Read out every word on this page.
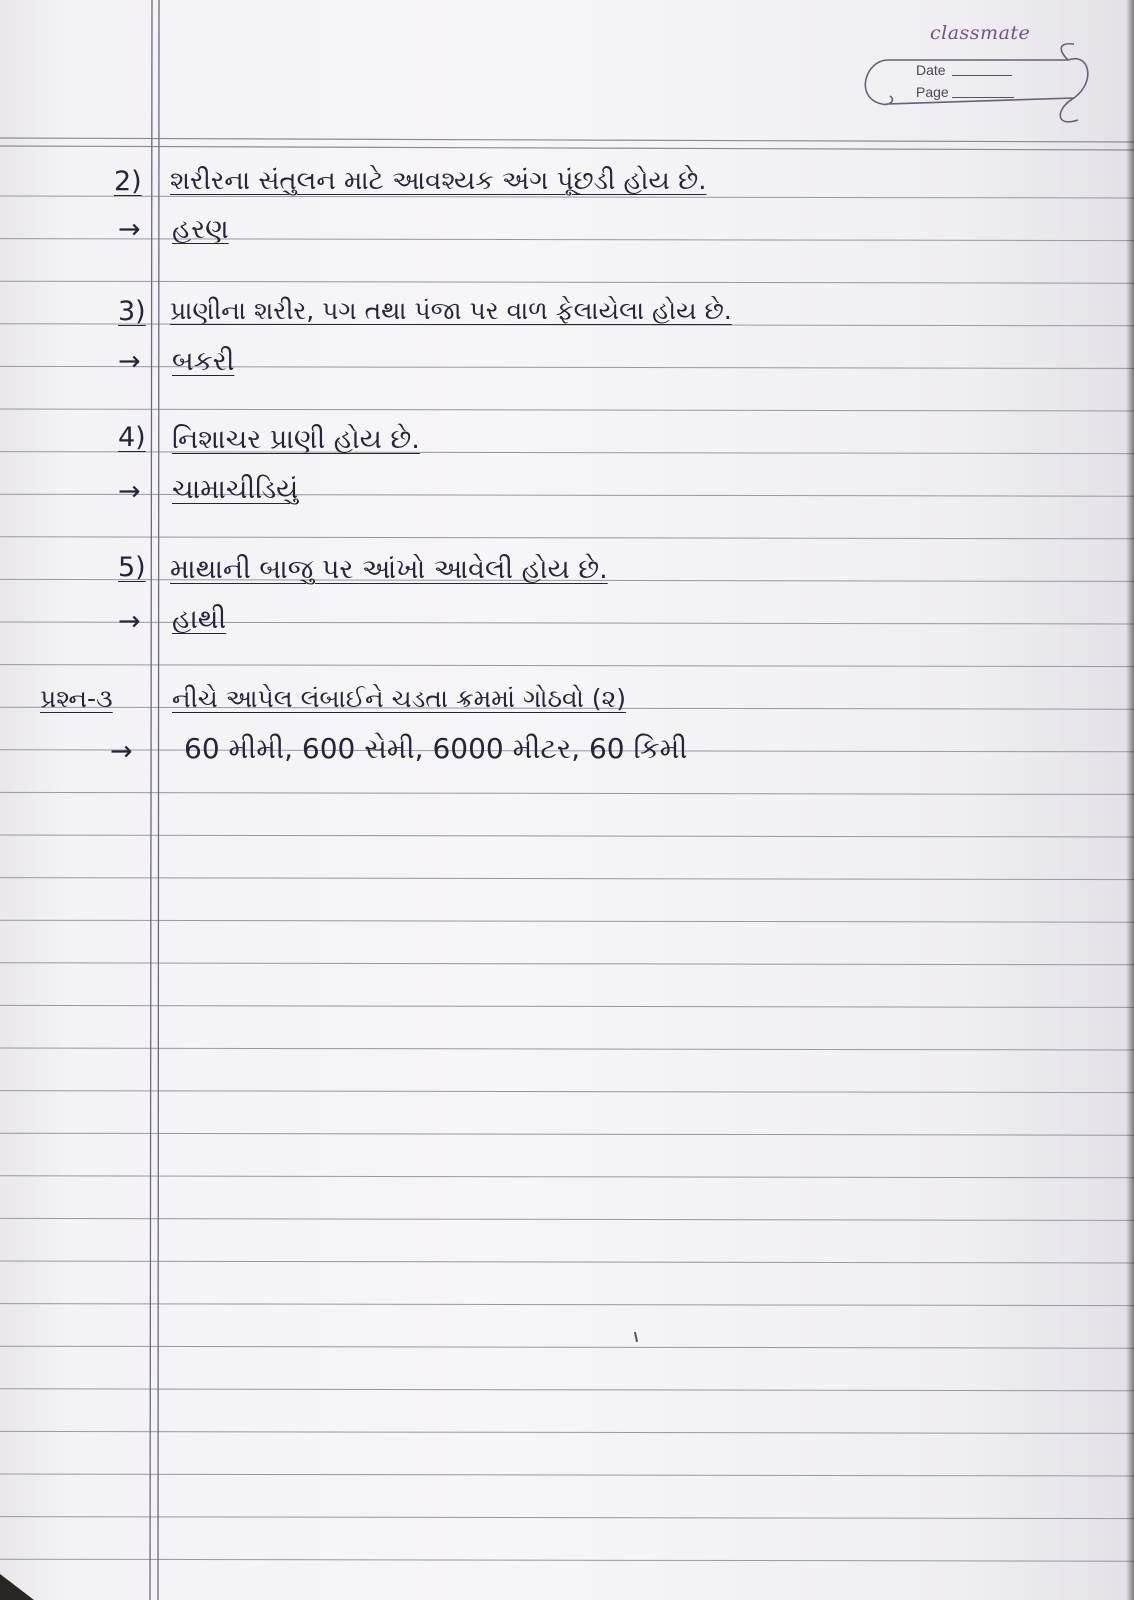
classmate
Date
Page
2) શરીરના સંતુલન માટે આવશ્યક અંગ પૂંછડી હોય છે.
→ હરણ
3) પ્રાણીના શરીર, પગ તથા પંજા પર વાળ ફેલાયેલા હોય છે.
→ બકરી
4) નિશાચર પ્રાણી હોય છે.
→ ચામાચીડિયું
5) માથાની બાજુ પર આંખો આવેલી હોય છે.
→ હાથી
પ્રશ્ન-૩ નીચે આપેલ લંબાઈને ચડતા ક્રમમાં ગોઠવો (૨)
→ 60 મીમી, 600 સેમી, 6000 મીટર, 60 કિમી
